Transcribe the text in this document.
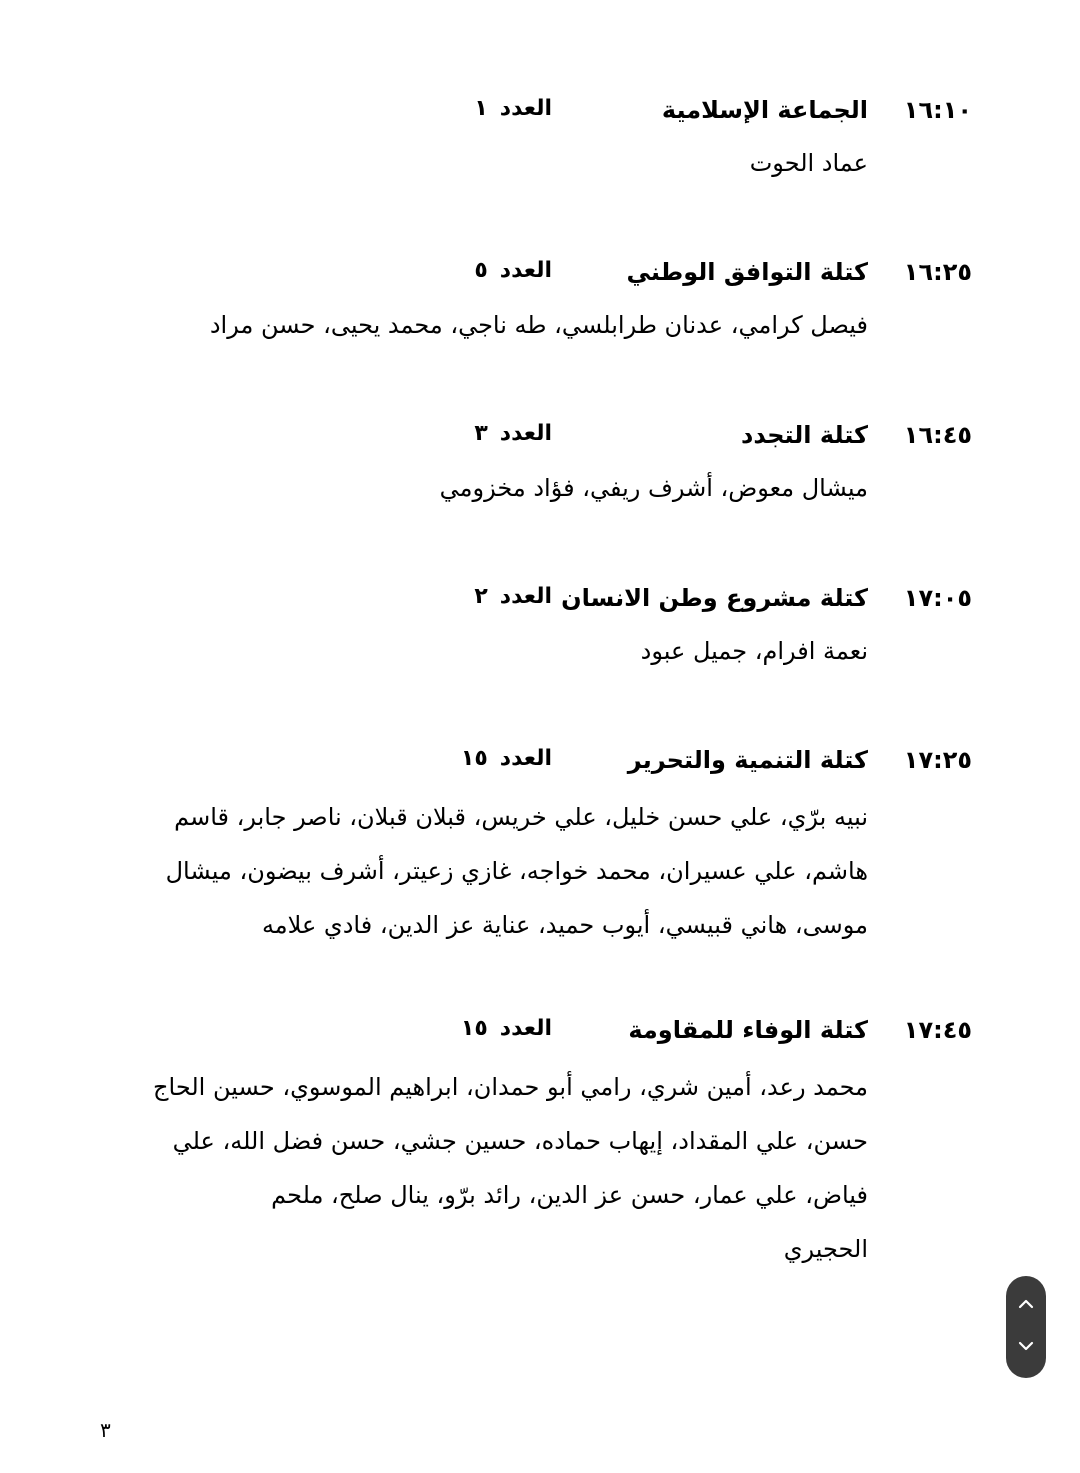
١٦:١٠
الجماعة الإسلامية
العدد١
عماد الحوت
١٦:٢٥
كتلة التوافق الوطني
العدد٥
فيصل كرامي، عدنان طرابلسي، طه ناجي، محمد يحيى، حسن مراد
١٦:٤٥
كتلة التجدد
العدد٣
ميشال معوض، أشرف ريفي، فؤاد مخزومي
١٧:٠٥
كتلة مشروع وطن الانسان
العدد٢
نعمة افرام، جميل عبود
١٧:٢٥
كتلة التنمية والتحرير
العدد١٥
نبيه برّي، علي حسن خليل، علي خريس، قبلان قبلان، ناصر جابر، قاسم
هاشم، علي عسيران، محمد خواجه، غازي زعيتر، أشرف بيضون، ميشال
موسى، هاني قبيسي، أيوب حميد، عناية عز الدين، فادي علامه
١٧:٤٥
كتلة الوفاء للمقاومة
العدد١٥
محمد رعد، أمين شري، رامي أبو حمدان، ابراهيم الموسوي، حسين الحاج
حسن، علي المقداد، إيهاب حماده، حسين جشي، حسن فضل الله، علي
فياض، علي عمار، حسن عز الدين، رائد برّو، ينال صلح، ملحم
الحجيري
٣
